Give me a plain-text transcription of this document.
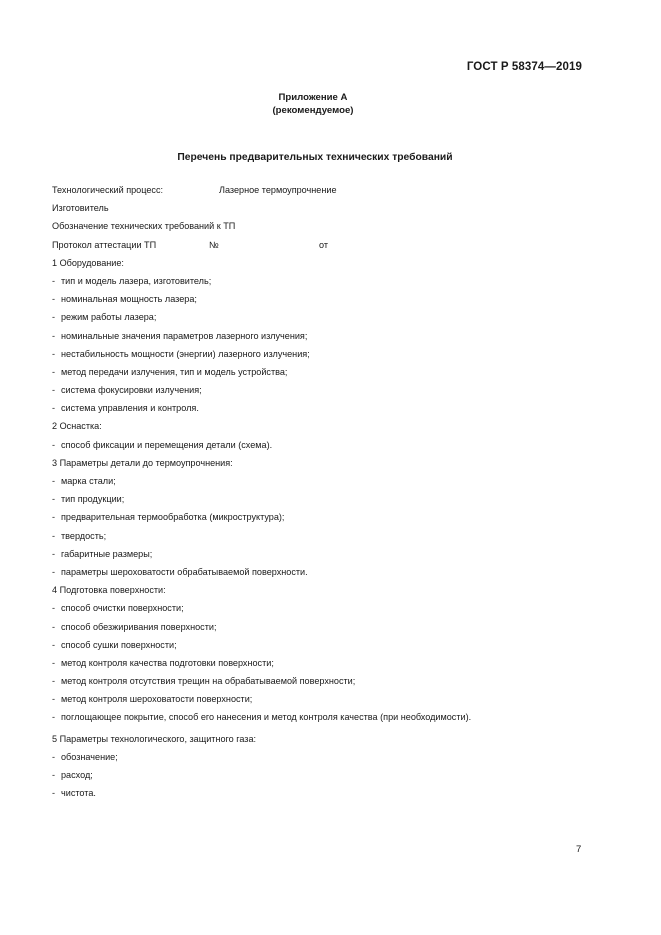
ГОСТ Р 58374—2019
Приложение А
(рекомендуемое)
Перечень предварительных технических требований
Технологический процесс:	Лазерное термоупрочнение
Изготовитель
Обозначение технических требований к ТП
Протокол аттестации ТП	№	от
1 Оборудование:
- тип и модель лазера, изготовитель;
- номинальная мощность лазера;
- режим работы лазера;
- номинальные значения параметров лазерного излучения;
- нестабильность мощности (энергии) лазерного излучения;
- метод передачи излучения, тип и модель устройства;
- система фокусировки излучения;
- система управления и контроля.
2 Оснастка:
- способ фиксации и перемещения детали (схема).
3 Параметры детали до термоупрочнения:
- марка стали;
- тип продукции;
- предварительная термообработка (микроструктура);
- твердость;
- габаритные размеры;
- параметры шероховатости обрабатываемой поверхности.
4 Подготовка поверхности:
- способ очистки поверхности;
- способ обезжиривания поверхности;
- способ сушки поверхности;
- метод контроля качества подготовки поверхности;
- метод контроля отсутствия трещин на обрабатываемой поверхности;
- метод контроля шероховатости поверхности;
- поглощающее покрытие, способ его нанесения и метод контроля качества (при необходимости).
5 Параметры технологического, защитного газа:
- обозначение;
- расход;
- чистота.
7
